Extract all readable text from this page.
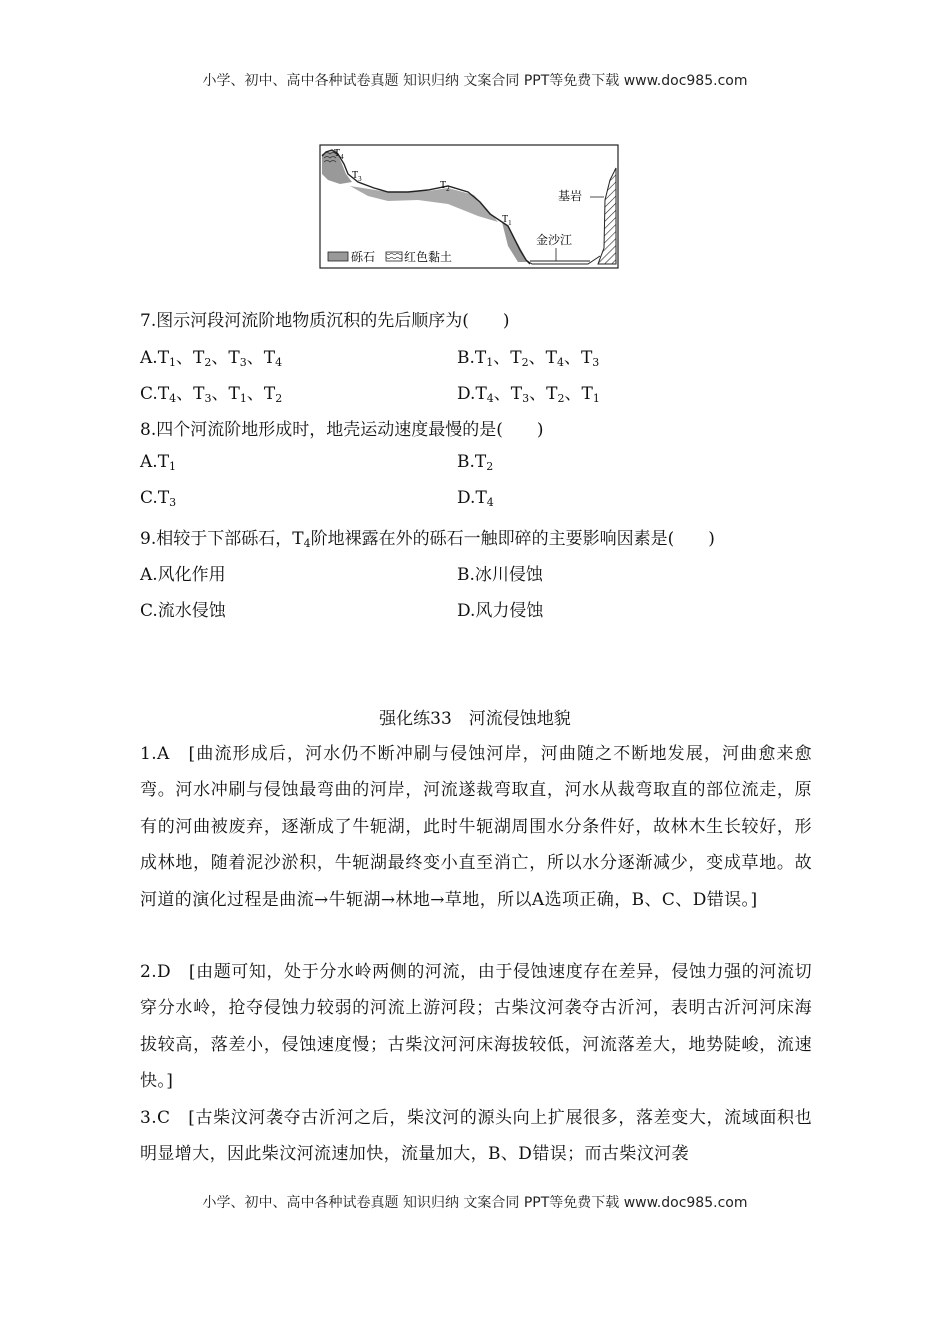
小学、初中、高中各种试卷真题 知识归纳 文案合同 PPT等免费下载 www.doc985.com
$T_4$
$T_3$
$T_2$
$T_1$
基岩
金沙江
砾石 红色黏土
7.图示河段河流阶地物质沉积的先后顺序为(　　)
$A.T_1$、$T_2$、$T_3$、$T_4$	$B.T_1$、$T_2$、$T_4$、$T_3$
$C.T_4$、$T_3$、$T_1$、$T_2$	$D.T_4$、$T_3$、$T_2$、$T_1$
8.四个河流阶地形成时，地壳运动速度最慢的是(　　)
$A.T_1$	$B.T_2$
$C.T_3$	$D.T_4$
9.相较于下部砾石，$T_4$阶地裸露在外的砾石一触即碎的主要影响因素是(　　)
A.风化作用	B.冰川侵蚀
C.流水侵蚀	D.风力侵蚀
强化练33　河流侵蚀地貌
1.A　[曲流形成后，河水仍不断冲刷与侵蚀河岸，河曲随之不断地发展，河曲愈来愈弯。河水冲刷与侵蚀最弯曲的河岸，河流遂裁弯取直，河水从裁弯取直的部位流走，原有的河曲被废弃，逐渐成了牛轭湖，此时牛轭湖周围水分条件好，故林木生长较好，形成林地，随着泥沙淤积，牛轭湖最终变小直至消亡，所以水分逐渐减少，变成草地。故河道的演化过程是曲流→牛轭湖→林地→草地，所以A选项正确，B、C、D错误。]
2.D　[由题可知，处于分水岭两侧的河流，由于侵蚀速度存在差异，侵蚀力强的河流切穿分水岭，抢夺侵蚀力较弱的河流上游河段；古柴汶河袭夺古沂河，表明古沂河河床海拔较高，落差小，侵蚀速度慢；古柴汶河河床海拔较低，河流落差大，地势陡峻，流速快。]
3.C　[古柴汶河袭夺古沂河之后，柴汶河的源头向上扩展很多，落差变大，流域面积也明显增大，因此柴汶河流速加快，流量加大，B、D错误；而古柴汶河袭
小学、初中、高中各种试卷真题 知识归纳 文案合同 PPT等免费下载 www.doc985.com
